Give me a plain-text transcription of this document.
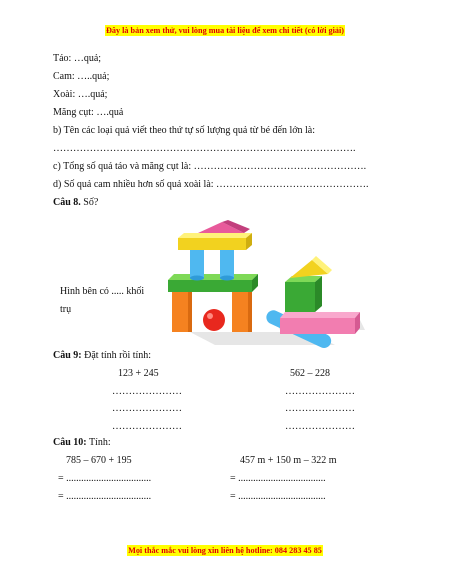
Đây là bản xem thử, vui lòng mua tài liệu để xem chi tiết (có lời giải)
Táo: …quả;
Cam: …..quả;
Xoài: ….quả;
Măng cụt: ….quả
b) Tên các loại quả viết theo thứ tự số lượng quả từ bé đến lớn là:
……………………………………………………………………………….
c) Tổng số quả táo và măng cụt là: …………………………………………….
d) Số quả cam nhiều hơn số quả xoài là: ……………………………………….
Câu 8. Số?
Hình bên có ..... khối
trụ
Câu 9: Đặt tính rồi tính:
123 + 245	562 – 228
…………………
…………………
…………………
…………………
…………………
…………………
Câu 10: Tính:
785 – 670 + 195	457 m + 150 m – 322 m
= ..................................
= ..................................
= ...................................
= ...................................
Mọi thắc mắc vui lòng xin liên hệ hotline: 084 283 45 85
